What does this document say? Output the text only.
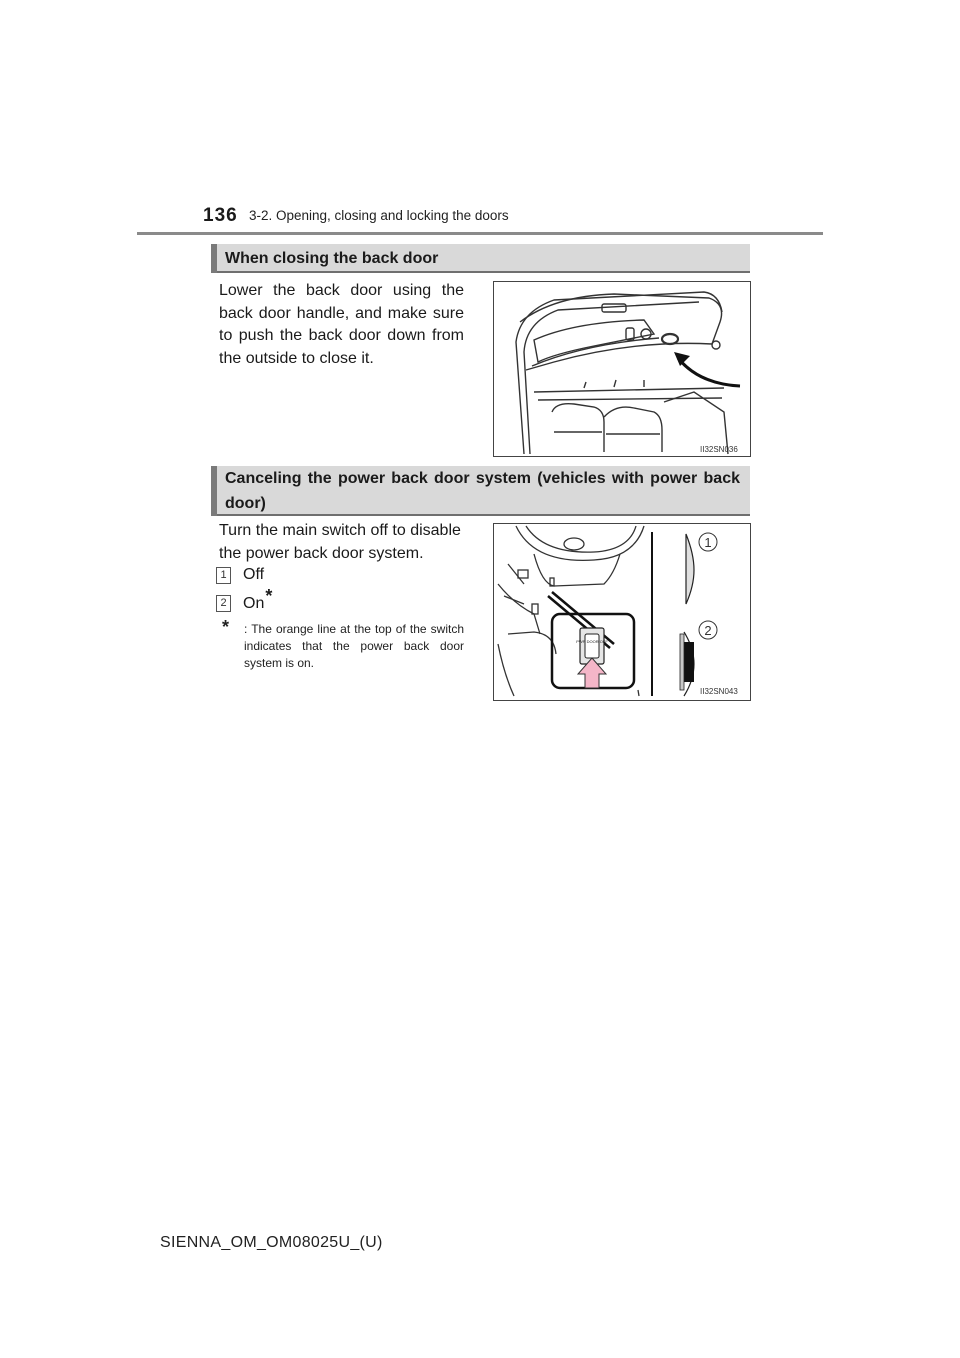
136 3-2. Opening, closing and locking the doors
When closing the back door
Lower the back door using the back door handle, and make sure to push the back door down from the outside to close it.
II32SN036
Canceling the power back door system (vehicles with power back door)
Turn the main switch off to disable the power back door system.
1 Off
2 On *
*	: The orange line at the top of the switch indicates that the power back door system is on.
PWR DOOR OFF
1
2
II32SN043
SIENNA_OM_OM08025U_(U)
